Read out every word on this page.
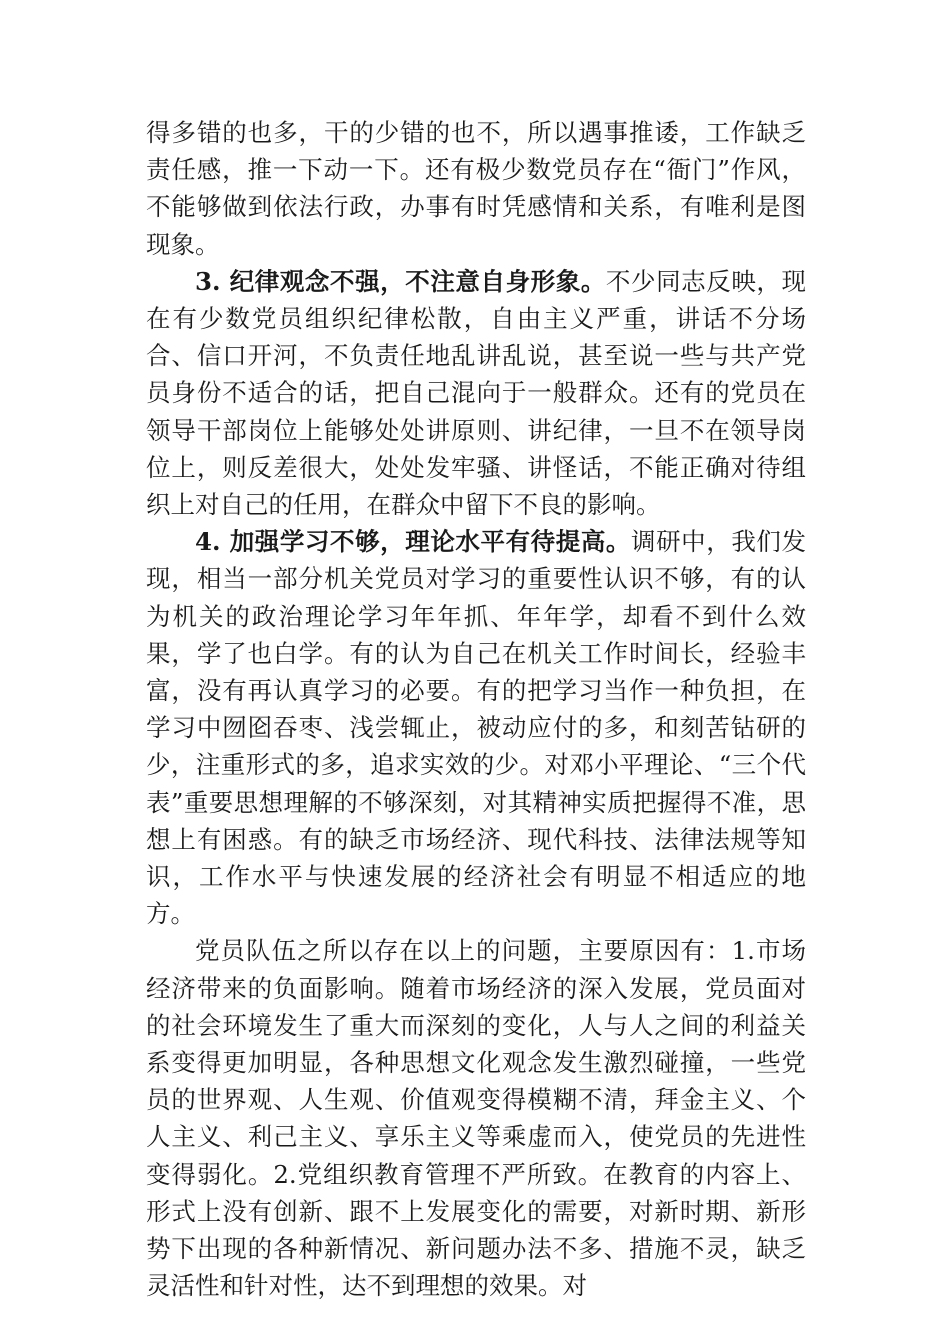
得多错的也多，干的少错的也不，所以遇事推诿，工作缺乏责任感，推一下动一下。还有极少数党员存在“衙门”作风，不能够做到依法行政，办事有时凭感情和关系，有唯利是图现象。

3. 纪律观念不强，不注意自身形象。不少同志反映，现在有少数党员组织纪律松散，自由主义严重，讲话不分场合、信口开河，不负责任地乱讲乱说，甚至说一些与共产党员身份不适合的话，把自己混向于一般群众。还有的党员在领导干部岗位上能够处处讲原则、讲纪律，一旦不在领导岗位上，则反差很大，处处发牢骚、讲怪话，不能正确对待组织上对自己的任用，在群众中留下不良的影响。

4. 加强学习不够，理论水平有待提高。调研中，我们发现，相当一部分机关党员对学习的重要性认识不够，有的认为机关的政治理论学习年年抓、年年学，却看不到什么效果，学了也白学。有的认为自己在机关工作时间长，经验丰富，没有再认真学习的必要。有的把学习当作一种负担，在学习中囫囵吞枣、浅尝辄止，被动应付的多，和刻苦钻研的少，注重形式的多，追求实效的少。对邓小平理论、“三个代表”重要思想理解的不够深刻，对其精神实质把握得不准，思想上有困惑。有的缺乏市场经济、现代科技、法律法规等知识，工作水平与快速发展的经济社会有明显不相适应的地方。

党员队伍之所以存在以上的问题，主要原因有：1.市场经济带来的负面影响。随着市场经济的深入发展，党员面对的社会环境发生了重大而深刻的变化，人与人之间的利益关系变得更加明显，各种思想文化观念发生激烈碰撞，一些党员的世界观、人生观、价值观变得模糊不清，拜金主义、个人主义、利己主义、享乐主义等乘虚而入，使党员的先进性变得弱化。2.党组织教育管理不严所致。在教育的内容上、形式上没有创新、跟不上发展变化的需要，对新时期、新形势下出现的各种新情况、新问题办法不多、措施不灵，缺乏灵活性和针对性，达不到理想的效果。对
